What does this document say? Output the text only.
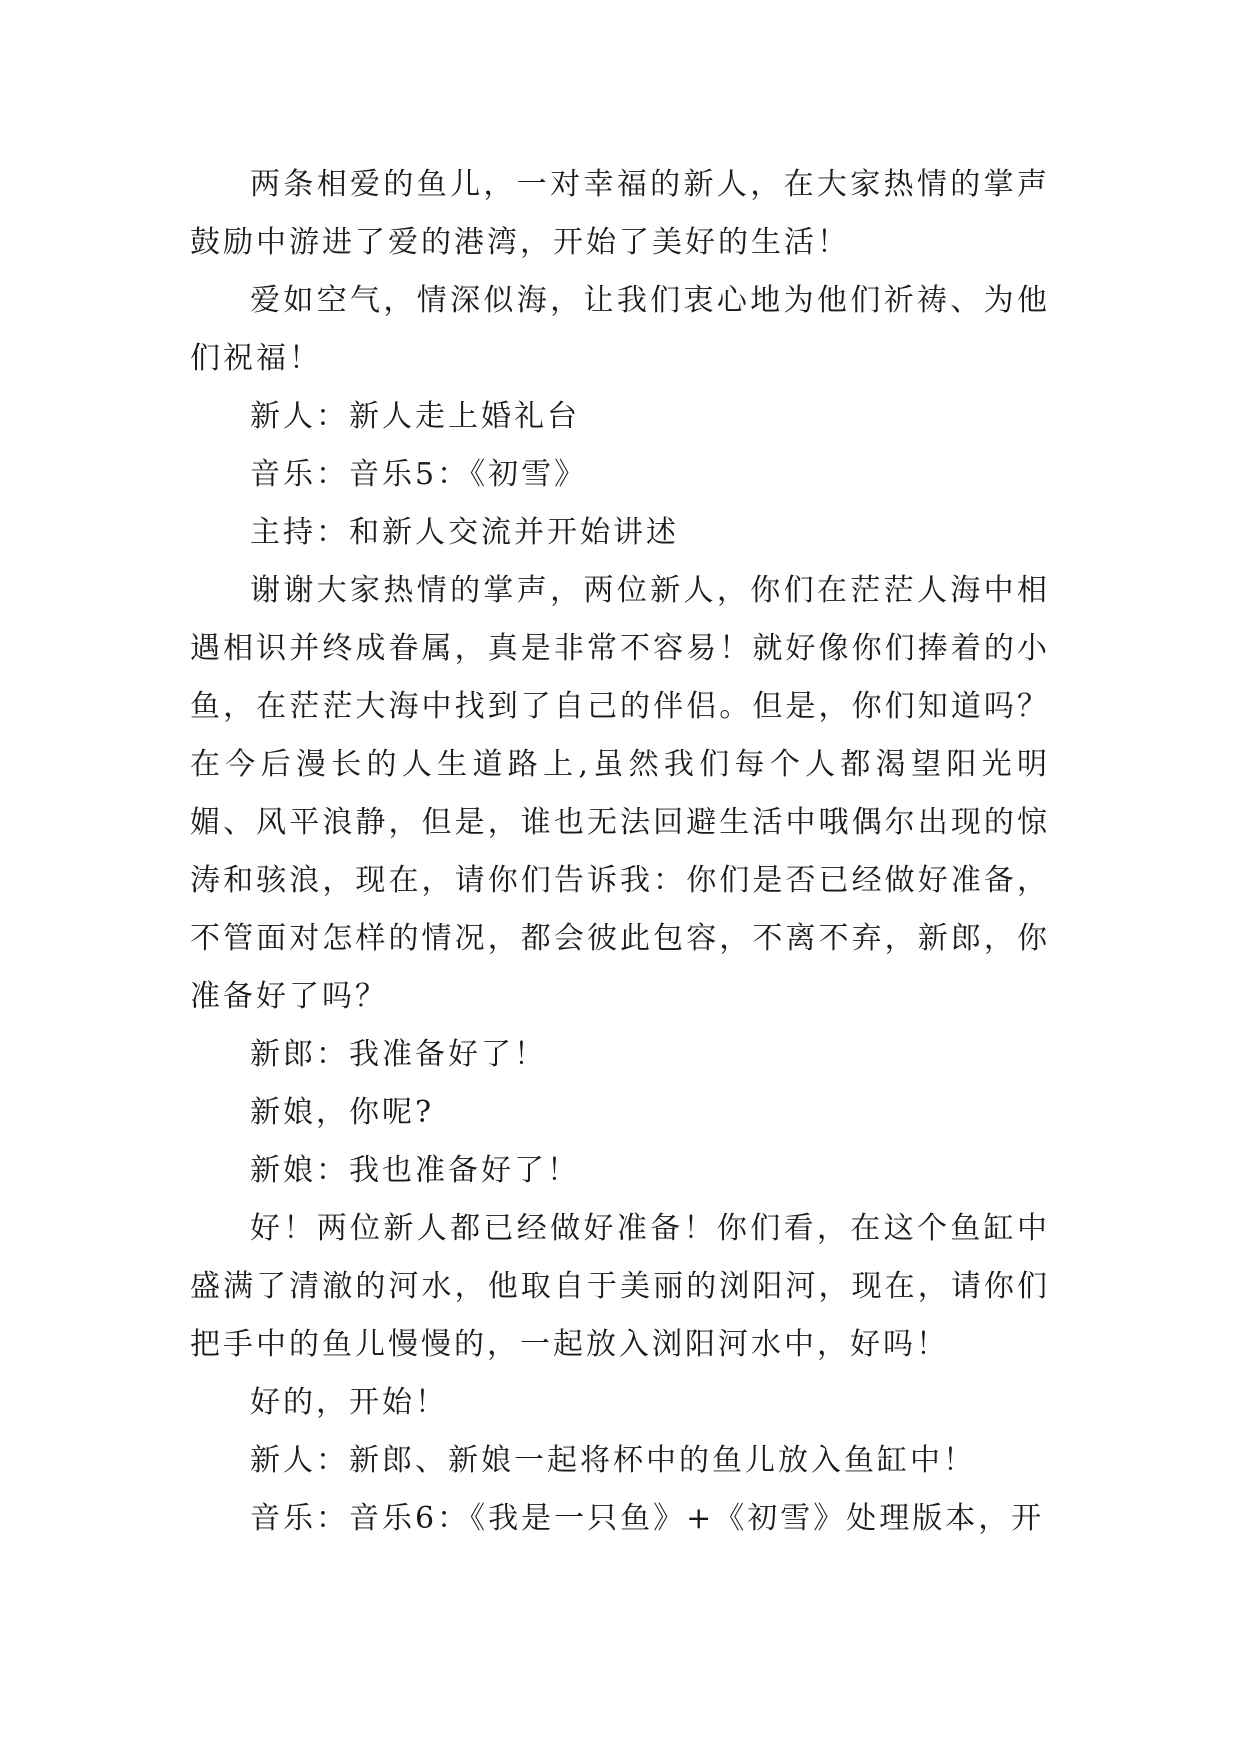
两条相爱的鱼儿，一对幸福的新人，在大家热情的掌声鼓励中游进了爱的港湾，开始了美好的生活！

爱如空气，情深似海，让我们衷心地为他们祈祷、为他们祝福！

新人：新人走上婚礼台

音乐：音乐5：《初雪》

主持：和新人交流并开始讲述

谢谢大家热情的掌声，两位新人，你们在茫茫人海中相遇相识并终成眷属，真是非常不容易！就好像你们捧着的小鱼，在茫茫大海中找到了自己的伴侣。但是，你们知道吗？在今后漫长的人生道路上,虽然我们每个人都渴望阳光明媚、风平浪静，但是，谁也无法回避生活中哦偶尔出现的惊涛和骇浪，现在，请你们告诉我：你们是否已经做好准备，不管面对怎样的情况，都会彼此包容，不离不弃，新郎，你准备好了吗？

新郎：我准备好了！

新娘，你呢?

新娘：我也准备好了！

好！两位新人都已经做好准备！你们看，在这个鱼缸中盛满了清澈的河水，他取自于美丽的浏阳河，现在，请你们把手中的鱼儿慢慢的，一起放入浏阳河水中，好吗！

好的，开始！

新人：新郎、新娘一起将杯中的鱼儿放入鱼缸中！

音乐：音乐6：《我是一只鱼》+《初雪》处理版本，开
